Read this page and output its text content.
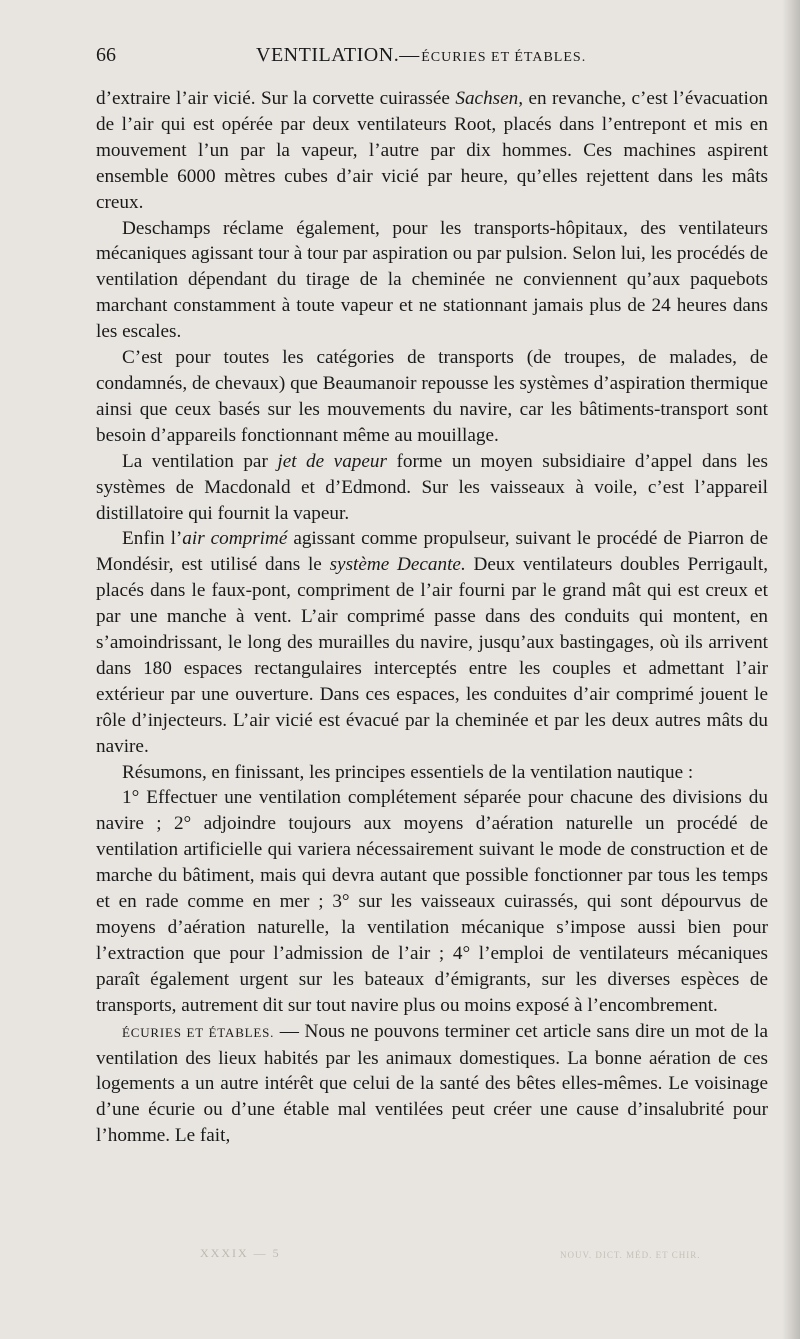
66	VENTILATION. — ÉCURIES ET ÉTABLES.

d’extraire l’air vicié. Sur la corvette cuirassée Sachsen, en revanche, c’est l’évacuation de l’air qui est opérée par deux ventilateurs Root, placés dans l’entrepont et mis en mouvement l’un par la vapeur, l’autre par dix hommes. Ces machines aspirent ensemble 6000 mètres cubes d’air vicié par heure, qu’elles rejettent dans les mâts creux.

Deschamps réclame également, pour les transports-hôpitaux, des ventilateurs mécaniques agissant tour à tour par aspiration ou par pulsion. Selon lui, les procédés de ventilation dépendant du tirage de la cheminée ne conviennent qu’aux paquebots marchant constamment à toute vapeur et ne stationnant jamais plus de 24 heures dans les escales.

C’est pour toutes les catégories de transports (de troupes, de malades, de condamnés, de chevaux) que Beaumanoir repousse les systèmes d’aspiration thermique ainsi que ceux basés sur les mouvements du navire, car les bâtiments-transport sont besoin d’appareils fonctionnant même au mouillage.

La ventilation par jet de vapeur forme un moyen subsidiaire d’appel dans les systèmes de Macdonald et d’Edmond. Sur les vaisseaux à voile, c’est l’appareil distillatoire qui fournit la vapeur.

Enfin l’air comprimé agissant comme propulseur, suivant le procédé de Piarron de Mondésir, est utilisé dans le système Decante. Deux ventilateurs doubles Perrigault, placés dans le faux-pont, compriment de l’air fourni par le grand mât qui est creux et par une manche à vent. L’air comprimé passe dans des conduits qui montent, en s’amoindrissant, le long des murailles du navire, jusqu’aux bastingages, où ils arrivent dans 180 espaces rectangulaires interceptés entre les couples et admettant l’air extérieur par une ouverture. Dans ces espaces, les conduites d’air comprimé jouent le rôle d’injecteurs. L’air vicié est évacué par la cheminée et par les deux autres mâts du navire.

Résumons, en finissant, les principes essentiels de la ventilation nautique :

1° Effectuer une ventilation complétement séparée pour chacune des divisions du navire ; 2° adjoindre toujours aux moyens d’aération naturelle un procédé de ventilation artificielle qui variera nécessairement suivant le mode de construction et de marche du bâtiment, mais qui devra autant que possible fonctionner par tous les temps et en rade comme en mer ; 3° sur les vaisseaux cuirassés, qui sont dépourvus de moyens d’aération naturelle, la ventilation mécanique s’impose aussi bien pour l’extraction que pour l’admission de l’air ; 4° l’emploi de ventilateurs mécaniques paraît également urgent sur les bateaux d’émigrants, sur les diverses espèces de transports, autrement dit sur tout navire plus ou moins exposé à l’encombrement.

ÉCURIES ET ÉTABLES. — Nous ne pouvons terminer cet article sans dire un mot de la ventilation des lieux habités par les animaux domestiques. La bonne aération de ces logements a un autre intérêt que celui de la santé des bêtes elles-mêmes. Le voisinage d’une écurie ou d’une étable mal ventilées peut créer une cause d’insalubrité pour l’homme. Le fait,

XXXIX — 5	NOUV. DICT. MÉD. ET CHIR.
